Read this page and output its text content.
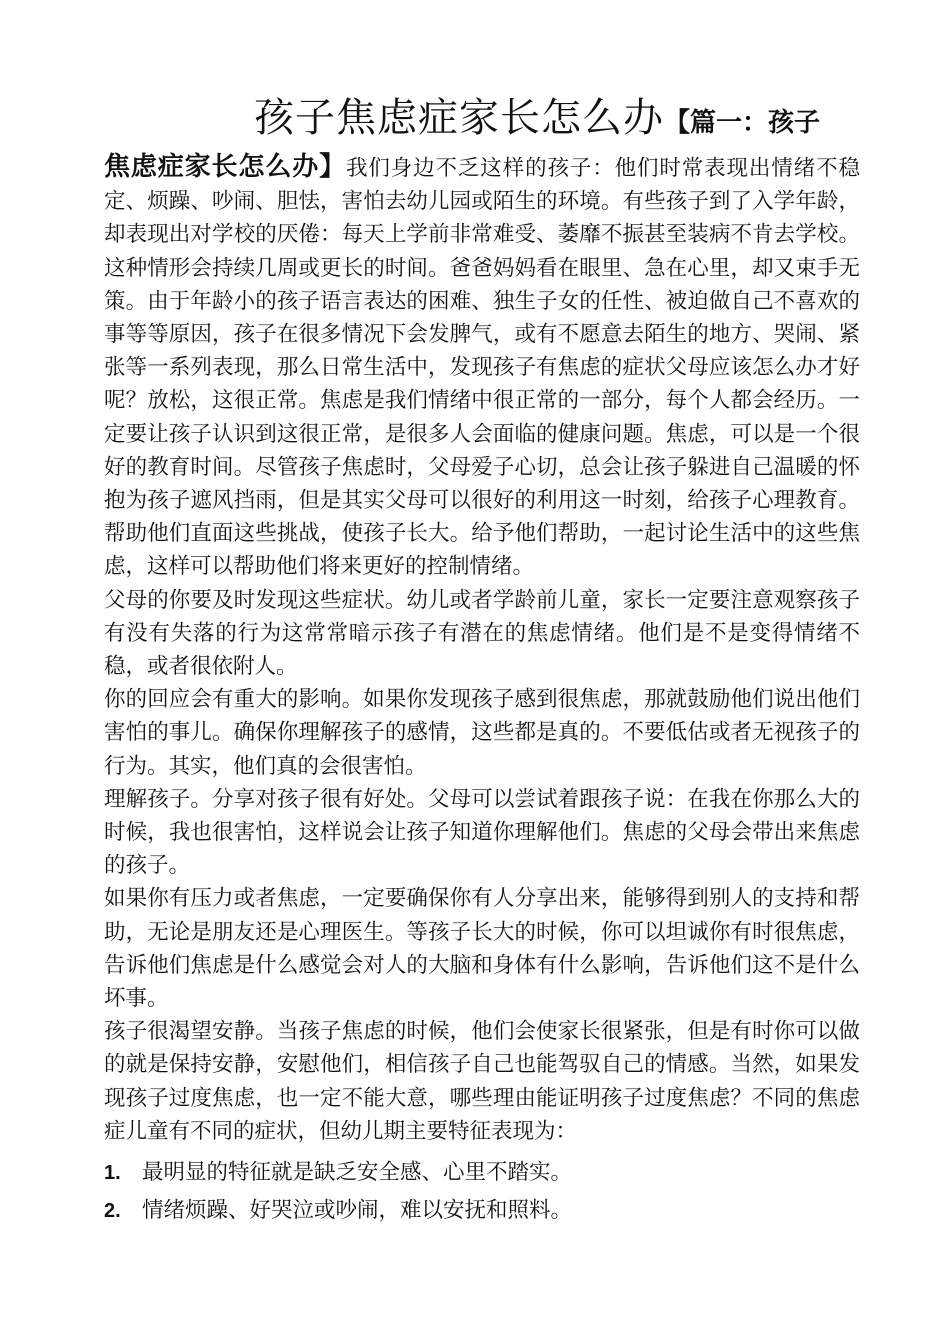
孩子焦虑症家长怎么办【篇一：孩子

焦虑症家长怎么办】我们身边不乏这样的孩子：他们时常表现出情绪不稳定、烦躁、吵闹、胆怯，害怕去幼儿园或陌生的环境。有些孩子到了入学年龄，却表现出对学校的厌倦：每天上学前非常难受、萎靡不振甚至装病不肯去学校。这种情形会持续几周或更长的时间。爸爸妈妈看在眼里、急在心里，却又束手无策。由于年龄小的孩子语言表达的困难、独生子女的任性、被迫做自己不喜欢的事等等原因，孩子在很多情况下会发脾气，或有不愿意去陌生的地方、哭闹、紧张等一系列表现，那么日常生活中，发现孩子有焦虑的症状父母应该怎么办才好呢？放松，这很正常。焦虑是我们情绪中很正常的一部分，每个人都会经历。一定要让孩子认识到这很正常，是很多人会面临的健康问题。焦虑，可以是一个很好的教育时间。尽管孩子焦虑时，父母爱子心切，总会让孩子躲进自己温暖的怀抱为孩子遮风挡雨，但是其实父母可以很好的利用这一时刻，给孩子心理教育。帮助他们直面这些挑战，使孩子长大。给予他们帮助，一起讨论生活中的这些焦虑，这样可以帮助他们将来更好的控制情绪。

父母的你要及时发现这些症状。幼儿或者学龄前儿童，家长一定要注意观察孩子有没有失落的行为这常常暗示孩子有潜在的焦虑情绪。他们是不是变得情绪不稳，或者很依附人。

你的回应会有重大的影响。如果你发现孩子感到很焦虑，那就鼓励他们说出他们害怕的事儿。确保你理解孩子的感情，这些都是真的。不要低估或者无视孩子的行为。其实，他们真的会很害怕。

理解孩子。分享对孩子很有好处。父母可以尝试着跟孩子说：在我在你那么大的时候，我也很害怕，这样说会让孩子知道你理解他们。焦虑的父母会带出来焦虑的孩子。

如果你有压力或者焦虑，一定要确保你有人分享出来，能够得到别人的支持和帮助，无论是朋友还是心理医生。等孩子长大的时候，你可以坦诚你有时很焦虑，告诉他们焦虑是什么感觉会对人的大脑和身体有什么影响，告诉他们这不是什么坏事。

孩子很渴望安静。当孩子焦虑的时候，他们会使家长很紧张，但是有时你可以做的就是保持安静，安慰他们，相信孩子自己也能驾驭自己的情感。当然，如果发现孩子过度焦虑，也一定不能大意，哪些理由能证明孩子过度焦虑？不同的焦虑症儿童有不同的症状，但幼儿期主要特征表现为：

1. 最明显的特征就是缺乏安全感、心里不踏实。
2. 情绪烦躁、好哭泣或吵闹，难以安抚和照料。
